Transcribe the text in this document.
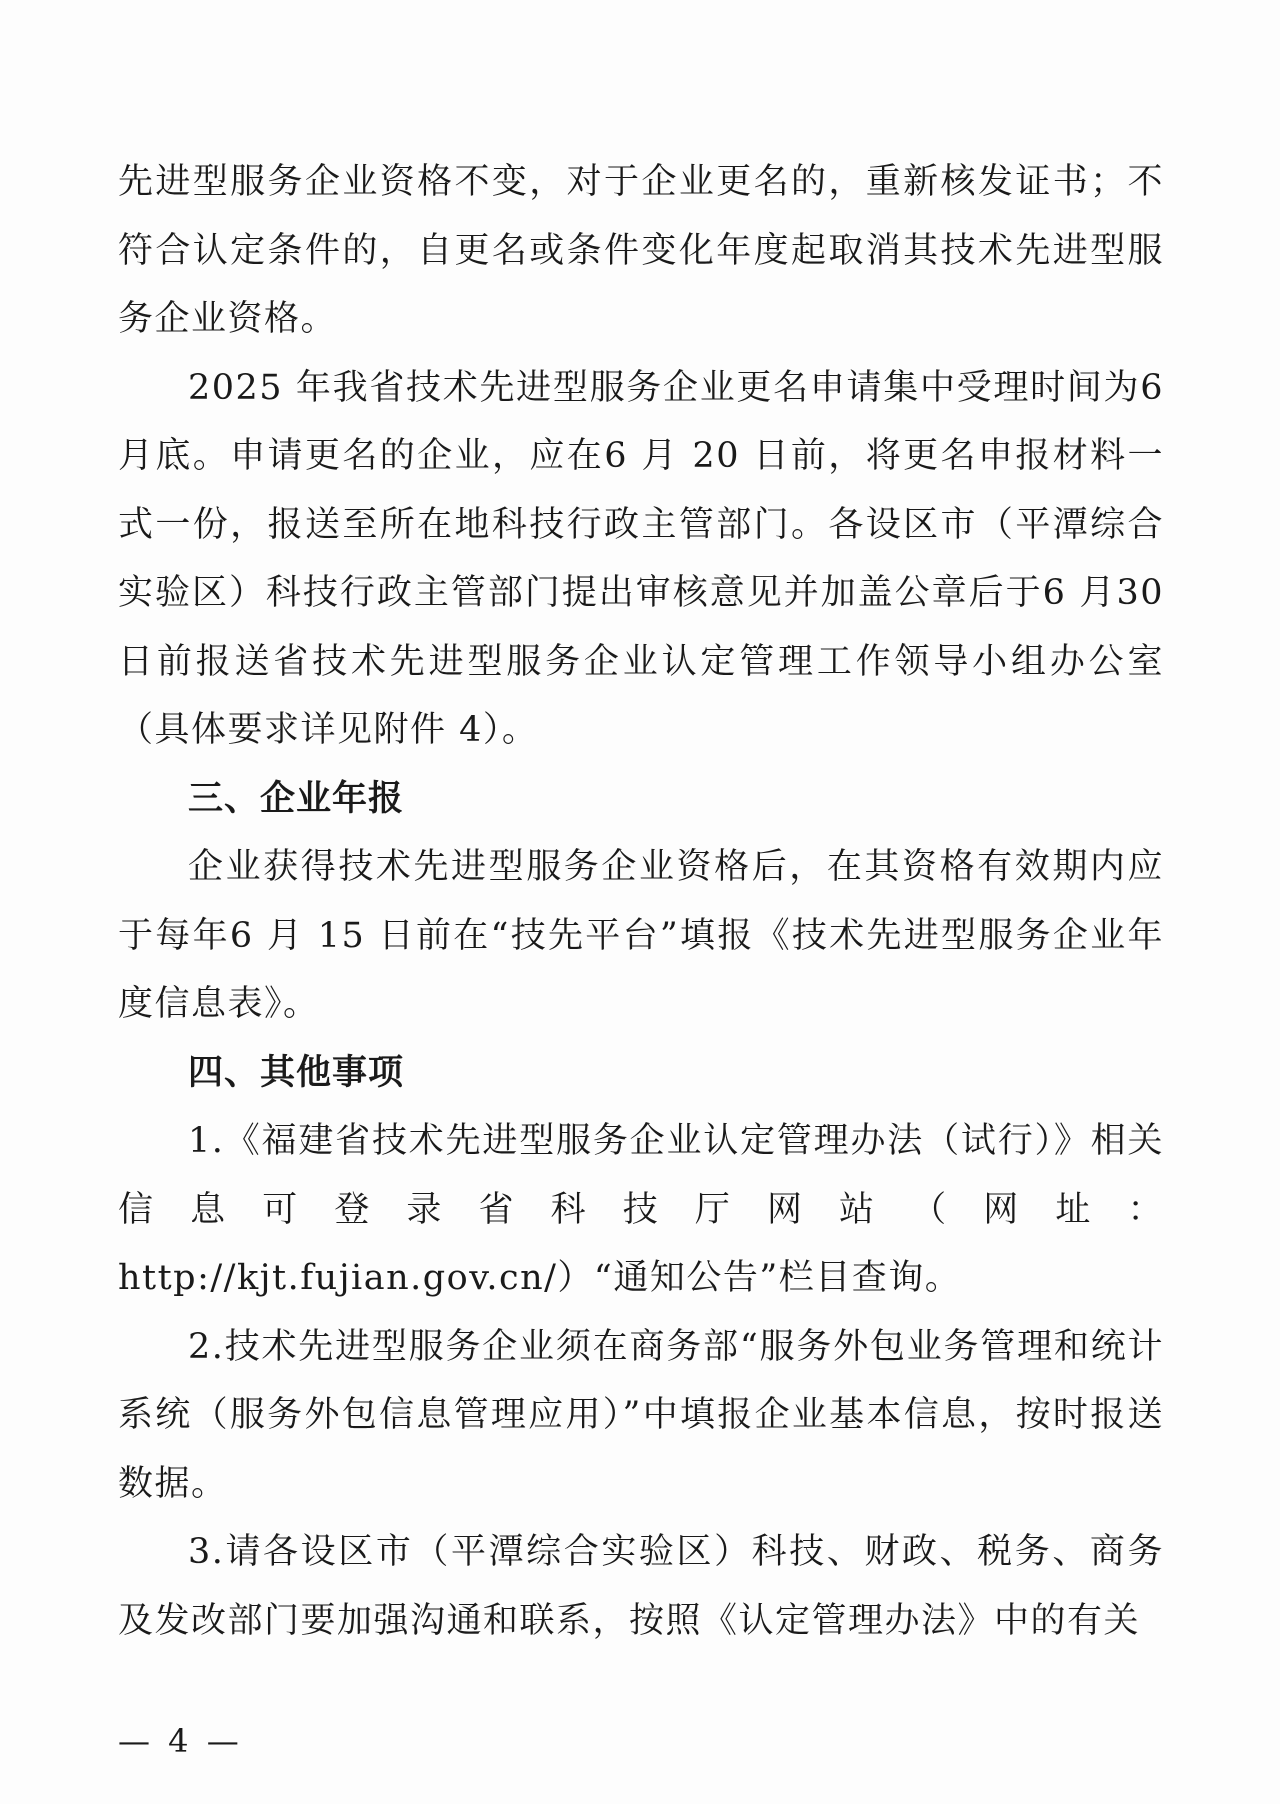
先进型服务企业资格不变，对于企业更名的，重新核发证书；不符合认定条件的，自更名或条件变化年度起取消其技术先进型服务企业资格。

2025 年我省技术先进型服务企业更名申请集中受理时间为6 月底。申请更名的企业，应在6 月 20 日前，将更名申报材料一式一份，报送至所在地科技行政主管部门。各设区市（平潭综合实验区）科技行政主管部门提出审核意见并加盖公章后于6 月30 日前报送省技术先进型服务企业认定管理工作领导小组办公室（具体要求详见附件 4）。

三、企业年报

企业获得技术先进型服务企业资格后，在其资格有效期内应于每年6 月 15 日前在“技先平台”填报《技术先进型服务企业年度信息表》。

四、其他事项

1.《福建省技术先进型服务企业认定管理办法（试行）》相关信息可登录省科技厅网站（网址：http://kjt.fujian.gov.cn/）“通知公告”栏目查询。

2.技术先进型服务企业须在商务部“服务外包业务管理和统计系统（服务外包信息管理应用）”中填报企业基本信息，按时报送数据。

3.请各设区市（平潭综合实验区）科技、财政、税务、商务及发改部门要加强沟通和联系，按照《认定管理办法》中的有关

— 4 —
